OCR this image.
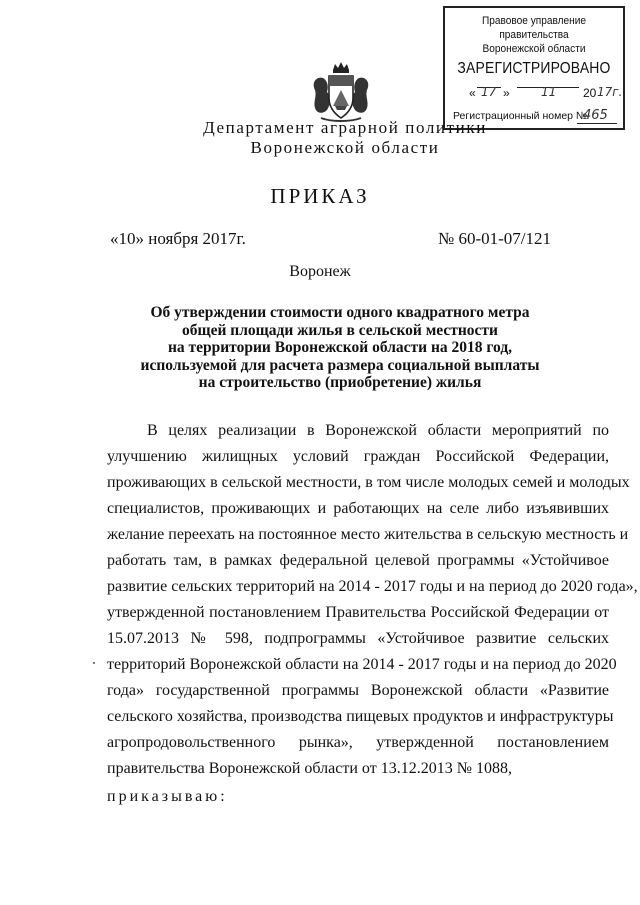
Правовое управление правительства
Воронежской области
ЗАРЕГИСТРИРОВАНО
« 17 »	11 20 17г.
Регистрационный номер №
465
Департамент аграрной политики
Воронежской области
ПРИКАЗ
«10» ноября 2017г.	№ 60-01-07/121
Воронеж
Об утверждении стоимости одного квадратного метра
общей площади жилья в сельской местности
на территории Воронежской области на 2018 год,
используемой для расчета размера социальной выплаты
на строительство (приобретение) жилья
В целях реализации в Воронежской области мероприятий по
улучшению жилищных условий граждан Российской Федерации,
проживающих в сельской местности, в том числе молодых семей и молодых
специалистов, проживающих и работающих на селе либо изъявивших
желание переехать на постоянное место жительства в сельскую местность и
работать там, в рамках федеральной целевой программы «Устойчивое
развитие сельских территорий на 2014 - 2017 годы и на период до 2020 года»,
утвержденной постановлением Правительства Российской Федерации от
15.07.2013 № 598, подпрограммы «Устойчивое развитие сельских
территорий Воронежской области на 2014 - 2017 годы и на период до 2020
года» государственной программы Воронежской области «Развитие
сельского хозяйства, производства пищевых продуктов и инфраструктуры
агропродовольственного рынка», утвержденной постановлением
правительства Воронежской области от 13.12.2013 № 1088,
приказываю:
